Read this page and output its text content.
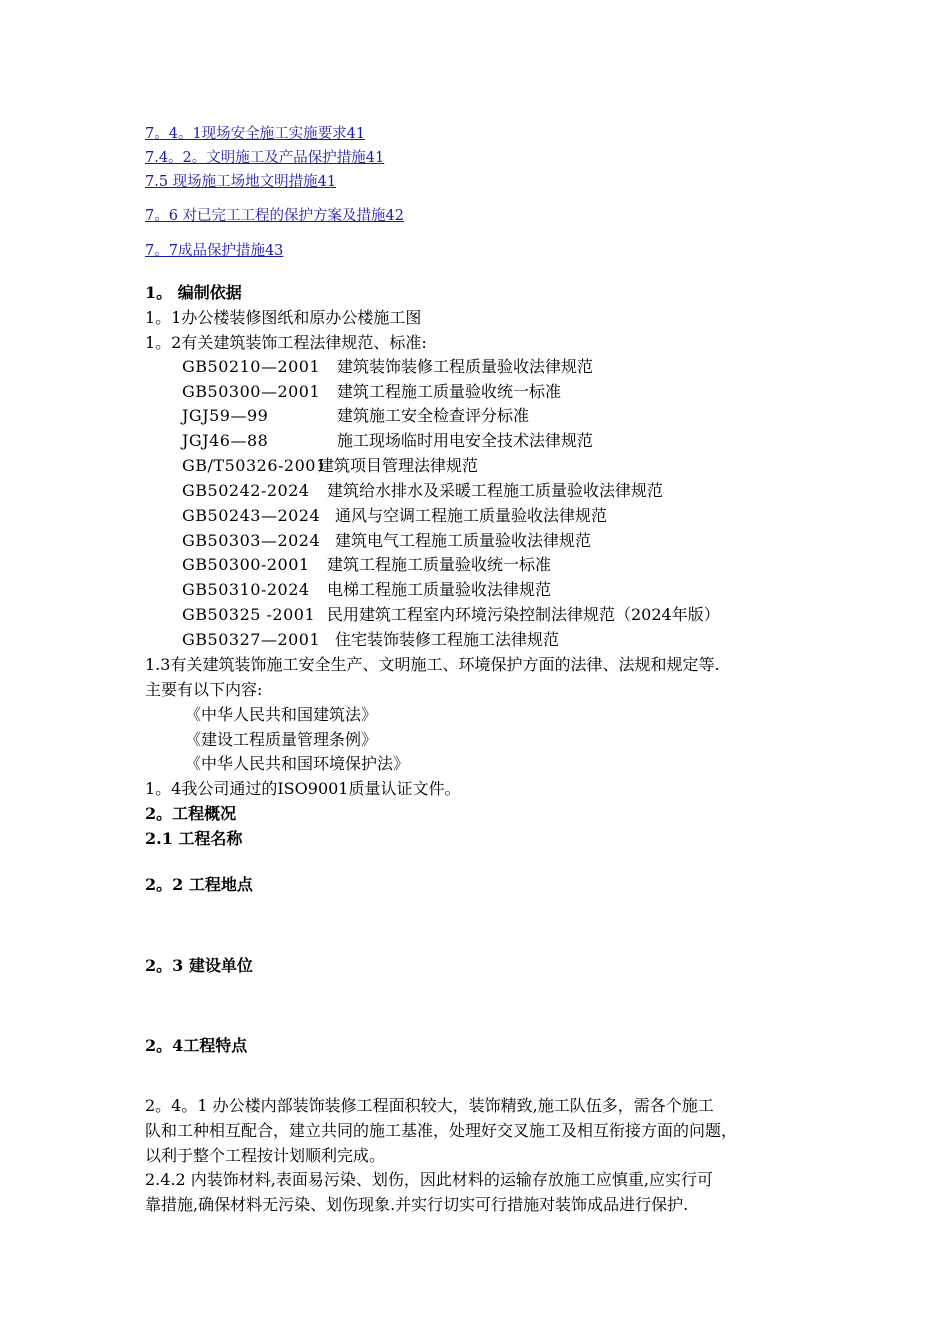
7。4。1现场安全施工实施要求41
7.4。2。文明施工及产品保护措施41
7.5 现场施工场地文明措施41
7。6 对已完工工程的保护方案及措施42
7。7成品保护措施43
1。 编制依据
1。1办公楼装修图纸和原办公楼施工图
1。2有关建筑装饰工程法律规范、标准:
GB50210—2001 建筑装饰装修工程质量验收法律规范
GB50300—2001 建筑工程施工质量验收统一标准
JGJ59—99	建筑施工安全检查评分标准
JGJ46—88	施工现场临时用电安全技术法律规范
GB/T50326-2001
建筑项目管理法律规范
GB50242-2024 建筑给水排水及采暖工程施工质量验收法律规范
GB50243—2024 通风与空调工程施工质量验收法律规范
GB50303—2024 建筑电气工程施工质量验收法律规范
GB50300-2001 建筑工程施工质量验收统一标准
GB50310-2024 电梯工程施工质量验收法律规范
GB50325 -2001 民用建筑工程室内环境污染控制法律规范（2024年版）
GB50327—2001 住宅装饰装修工程施工法律规范
1.3有关建筑装饰施工安全生产、文明施工、环境保护方面的法律、法规和规定等.
主要有以下内容:
《中华人民共和国建筑法》
《建设工程质量管理条例》
《中华人民共和国环境保护法》
1。4我公司通过的ISO9001质量认证文件。
2。工程概况
2.1 工程名称
2。2 工程地点
2。3 建设单位
2。4工程特点
2。4。1 办公楼内部装饰装修工程面积较大，装饰精致,施工队伍多，需各个施工
队和工种相互配合，建立共同的施工基准，处理好交叉施工及相互衔接方面的问题，
以利于整个工程按计划顺利完成。
2.4.2 内装饰材料,表面易污染、划伤，因此材料的运输存放施工应慎重,应实行可
靠措施,确保材料无污染、划伤现象.并实行切实可行措施对装饰成品进行保护.
